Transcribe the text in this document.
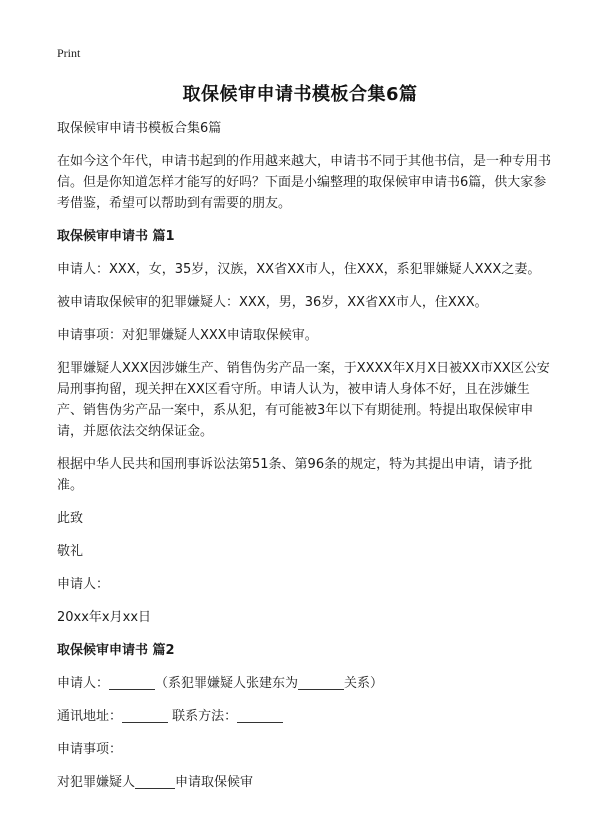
Print
取保候审申请书模板合集6篇

取保候审申请书模板合集6篇

在如今这个年代，申请书起到的作用越来越大，申请书不同于其他书信，是一种专用书信。但是你知道怎样才能写的好吗？下面是小编整理的取保候审申请书6篇，供大家参考借鉴，希望可以帮助到有需要的朋友。

取保候审申请书 篇1

申请人：XXX，女，35岁，汉族，XX省XX市人，住XXX，系犯罪嫌疑人XXX之妻。

被申请取保候审的犯罪嫌疑人：XXX，男，36岁，XX省XX市人，住XXX。

申请事项：对犯罪嫌疑人XXX申请取保候审。

犯罪嫌疑人XXX因涉嫌生产、销售伪劣产品一案，于XXXX年X月X日被XX市XX区公安局刑事拘留，现关押在XX区看守所。申请人认为，被申请人身体不好，且在涉嫌生产、销售伪劣产品一案中，系从犯，有可能被3年以下有期徒刑。特提出取保候审申请，并愿依法交纳保证金。

根据中华人民共和国刑事诉讼法第51条、第96条的规定，特为其提出申请，请予批准。

此致

敬礼

申请人：

20xx年x月xx日

取保候审申请书 篇2

申请人：	（系犯罪嫌疑人张建东为	关系）

通讯地址：	联系方法：

申请事项：

对犯罪嫌疑人	申请取保候审
